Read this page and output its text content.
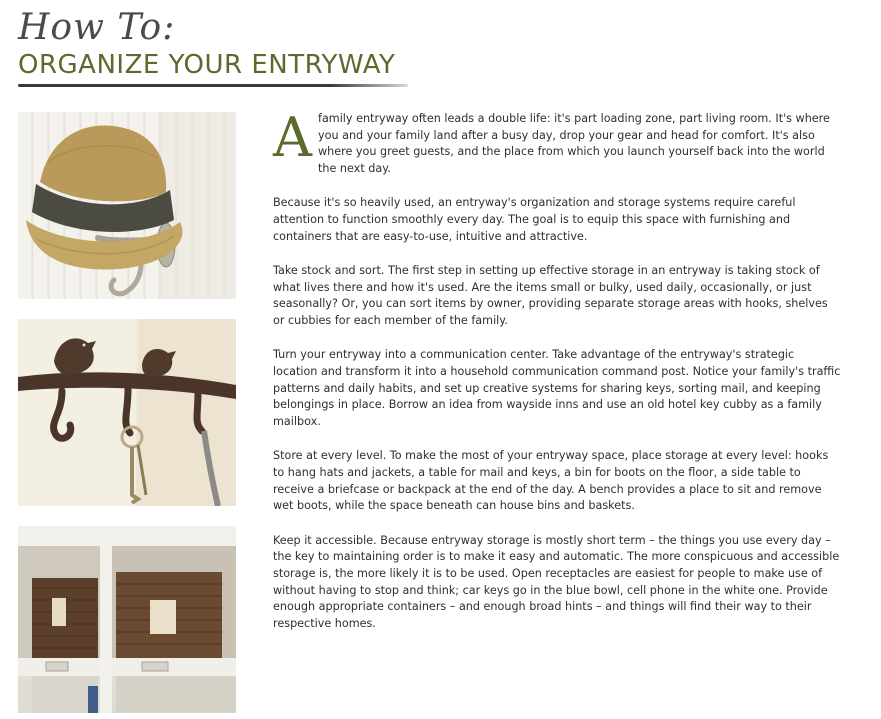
How To:
ORGANIZE YOUR ENTRYWAY

A family entryway often leads a double life: it's part loading zone, part living room. It's where you and your family land after a busy day, drop your gear and head for comfort. It's also where you greet guests, and the place from which you launch yourself back into the world the next day.

Because it's so heavily used, an entryway's organization and storage systems require careful attention to function smoothly every day. The goal is to equip this space with furnishing and containers that are easy-to-use, intuitive and attractive.

Take stock and sort. The first step in setting up effective storage in an entryway is taking stock of what lives there and how it's used. Are the items small or bulky, used daily, occasionally, or just seasonally? Or, you can sort items by owner, providing separate storage areas with hooks, shelves or cubbies for each member of the family.

Turn your entryway into a communication center. Take advantage of the entryway's strategic location and transform it into a household communication command post. Notice your family's traffic patterns and daily habits, and set up creative systems for sharing keys, sorting mail, and keeping belongings in place. Borrow an idea from wayside inns and use an old hotel key cubby as a family mailbox.

Store at every level. To make the most of your entryway space, place storage at every level: hooks to hang hats and jackets, a table for mail and keys, a bin for boots on the floor, a side table to receive a briefcase or backpack at the end of the day. A bench provides a place to sit and remove wet boots, while the space beneath can house bins and baskets.

Keep it accessible. Because entryway storage is mostly short term – the things you use every day – the key to maintaining order is to make it easy and automatic. The more conspicuous and accessible storage is, the more likely it is to be used. Open receptacles are easiest for people to make use of without having to stop and think; car keys go in the blue bowl, cell phone in the white one. Provide enough appropriate containers – and enough broad hints – and things will find their way to their respective homes.
